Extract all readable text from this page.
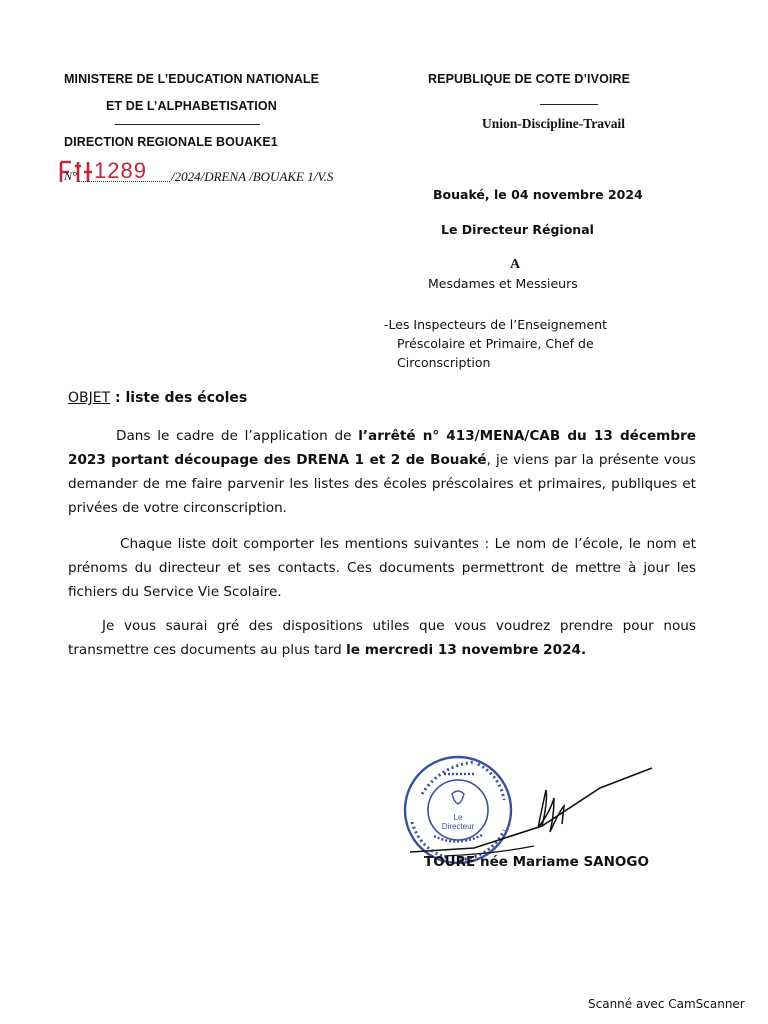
MINISTERE DE L’EDUCATION NATIONALE
ET DE L’ALPHABETISATION
DIRECTION REGIONALE BOUAKE1
N° 1289 /2024/DRENA /BOUAKE 1/V.S
REPUBLIQUE DE COTE D’IVOIRE
Union-Discipline-Travail
Bouaké, le 04 novembre 2024
Le Directeur Régional
A
Mesdames et Messieurs
-Les Inspecteurs de l’Enseignement
Préscolaire et Primaire, Chef de
Circonscription
OBJET : liste des écoles
Dans le cadre de l’application de l’arrêté n° 413/MENA/CAB du 13 décembre 2023 portant découpage des DRENA 1 et 2 de Bouaké, je viens par la présente vous demander de me faire parvenir les listes des écoles préscolaires et primaires, publiques et privées de votre circonscription.
Chaque liste doit comporter les mentions suivantes : Le nom de l’école, le nom et prénoms du directeur et ses contacts. Ces documents permettront de mettre à jour les fichiers du Service Vie Scolaire.
Je vous saurai gré des dispositions utiles que vous voudrez prendre pour nous transmettre ces documents au plus tard le mercredi 13 novembre 2024.
Le
Directeur
TOURE née Mariame SANOGO
Scanné avec CamScanner
